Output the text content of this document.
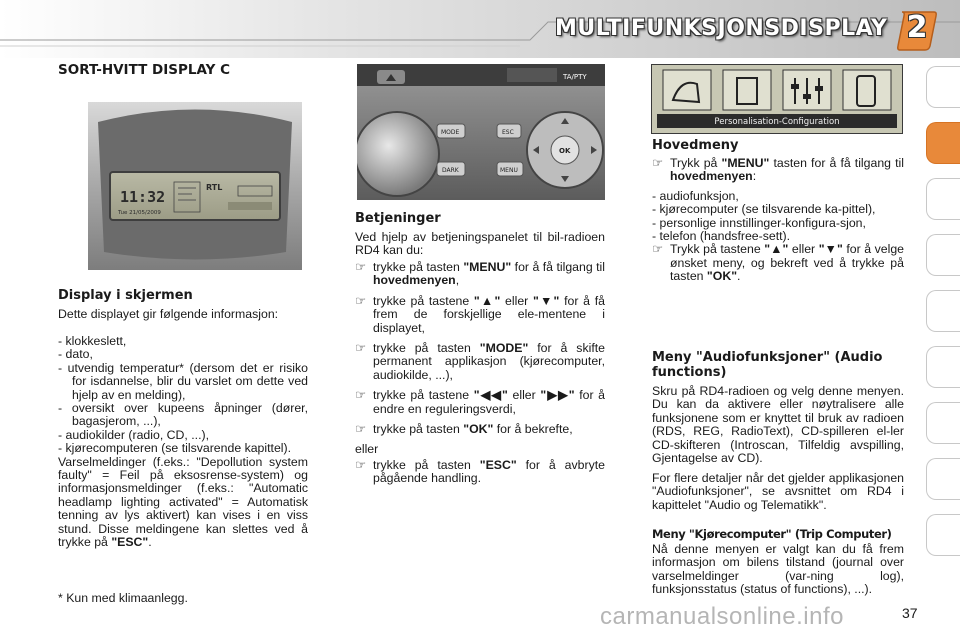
MULTIFUNKSJONSDISPLAY 2
SORT-HVITT DISPLAY C
11:32
RTL
Tue 21/05/2009
Display i skjermen
Dette displayet gir følgende informasjon:
- klokkeslett,
- dato,
- utvendig temperatur* (dersom det er risiko for isdannelse, blir du varslet om dette ved hjelp av en melding),
- oversikt over kupeens åpninger (dører, bagasjerom, ...),
- audiokilder (radio, CD, ...),
- kjørecomputeren (se tilsvarende kapittel).
Varselmeldinger (f.eks.: "Depollution system faulty" = Feil på eksosrense-system) og informasjonsmeldinger (f.eks.: "Automatic headlamp lighting activated" = Automatisk tenning av lys aktivert) kan vises i en viss stund. Disse meldingene kan slettes ved å trykke på "ESC".
* Kun med klimaanlegg.
TA/PTY
MODE
DARK
ESC
MENU
OK
Betjeninger
Ved hjelp av betjeningspanelet til bil-radioen RD4 kan du:
☞ trykke på tasten "MENU" for å få tilgang til hovedmenyen,
☞ trykke på tastene "▲" eller "▼" for å få frem de forskjellige ele-mentene i displayet,
☞ trykke på tasten "MODE" for å skifte permanent applikasjon (kjørecomputer, audiokilde, ...),
☞ trykke på tastene "◀◀" eller "▶▶" for å endre en reguleringsverdi,
☞ trykke på tasten "OK" for å bekrefte,
eller
☞ trykke på tasten "ESC" for å avbryte pågående handling.
Personalisation-Configuration
Hovedmeny
☞ Trykk på "MENU" tasten for å få tilgang til hovedmenyen:
- audiofunksjon,
- kjørecomputer (se tilsvarende ka-pittel),
- personlige innstillinger-konfigura-sjon,
- telefon (handsfree-sett).
☞ Trykk på tastene "▲" eller "▼" for å velge ønsket meny, og bekreft ved å trykke på tasten "OK".
Meny "Audiofunksjoner" (Audio functions)
Skru på RD4-radioen og velg denne menyen. Du kan da aktivere eller nøytralisere alle funksjonene som er knyttet til bruk av radioen (RDS, REG, RadioText), CD-spilleren el-ler CD-skifteren (Introscan, Tilfeldig avspilling, Gjentagelse av CD).
For flere detaljer når det gjelder applikasjonen "Audiofunksjoner", se avsnittet om RD4 i kapittelet "Audio og Telematikk".
Meny "Kjørecomputer" (Trip Computer)
Nå denne menyen er valgt kan du få frem informasjon om bilens tilstand (journal over varselmeldinger (var-ning log), funksjonsstatus (status of functions), ...).
carmanualsonline.info	37
